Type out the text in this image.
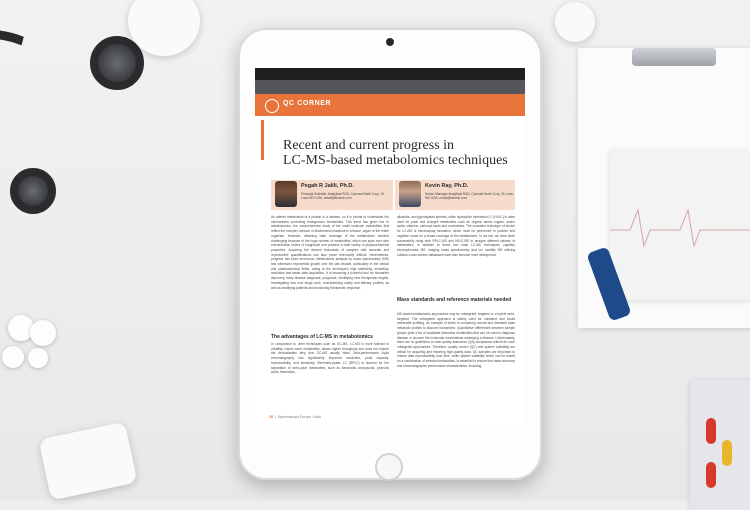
QC CORNER
Recent and current progress in
LC-MS-based metabolomics techniques
Pegah R Jalili, Ph.D.
Principal Scientist, Analytical R&D, Cytovad North Corp, St Louis MO USA, email@tlcheck.com
Kevin Ray, Ph.D.
Senior Manager Analytical R&D, Cytovad North Corp, St Louis MO USA, email@tlcheck.com

An altered metabolism of a protein is a disease, so it is pivotal to understand the mechanisms controlling endogenous metabolites. This trend has given rise to metabolomics, the comprehensive study of the small molecule metabolites that reflect the complex network of biochemical reactions in a tissue, organ or the entire organism. However, obtaining wide coverage of the metabolome remains challenging because of the huge number of metabolites, which can span over nine concentration orders of magnitude and possess a wide variety of physicochemical properties. Acquiring the desired thousands of samples with accurate and reproducible quantifications can also prove technically difficult. Nevertheless, progress has been enormous. Metabolomic analysis by mass spectrometry (MS) has witnessed exponential growth over the last decade, particularly in the clinical and pharmaceutical fields, owing to the technique's high selectivity, sensitivity, resolution and faster data acquisition. It is becoming a powerful tool for biomarker discovery, early disease diagnosis, prognosis, identifying new therapeutic targets, investigating how new drugs work, characterizing safety and efficacy profiles, as well as stratifying patients and monitoring therapeutic response.

The advantages of LC-MS in metabolomics

In comparison to other techniques such as GC-MS, LC-MS is more tolerant to volatility, covers more metabolites, allows higher throughput and does not require the derivatization step that GC-MS usually does. Ultra-performance liquid chromatography has significantly improved resolution, peak capacity, reproducibility, and sensitivity. Reversed-phase LC (RPLC) is favored for the separation of semi-polar metabolites, such as flavonoids compounds, phenolic acids, flavonoids,

alkaloids, and glycosylated species, while hydrophilic interaction LC (HILIC) is often used for polar and charged metabolites such as organic amino sugars, amino acids, vitamins, carbonyl acids and nucleotides. The ionization technique of choice for LC-MS is electrospray ionization, which must be performed in positive and negative mode for a broad coverage of the metabolome. In our lab, we have been successfully using both RPLC-MS and HILIC-MS to analyze different classes of metabolites. In addition to these two main LC-MS techniques, capillary electrophoresis MS, imaging mass spectrometry and ion mobility MS utilizing collision cross section databases have also become more widespread.

Mass standards and reference materials needed

MS-based metabolomic approaches may be untargeted, targeted or a hybrid semi-targeted. The untargeted approach is widely used for unbiased and broad metabolite profiling, an example of which is comparing normal and diseased state metabolic profiles to discover biomarkers. Quantitative differences between sample groups yield a list of candidate biomarker metabolites that can be used to diagnose disease or uncover the molecular mechanisms underlying a disease. Unfortunately, there are no guidelines or clear quality assurance (QA) acceptance criteria for such untargeted approaches. Therefore, quality control (QC) and system suitability are critical for acquiring and reporting high-quality data. QC samples are important to ensure data reproducibility over time, while system suitability which can be based on a combination of selected metabolites, is essential to ensure that mass accuracy and chromatographic performance characteristics, including

28  |  Spectroscopy Europe / Asia
